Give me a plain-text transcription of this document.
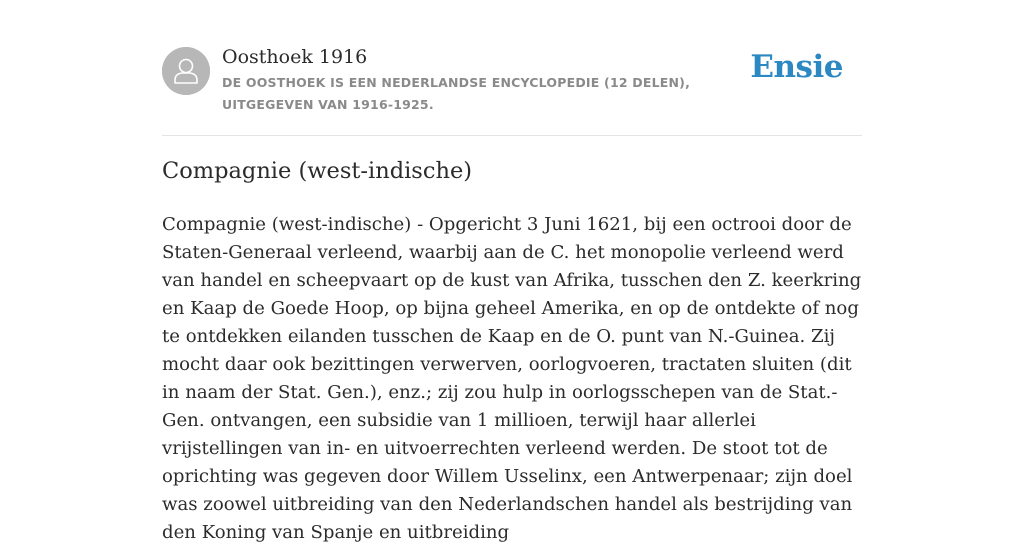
Oosthoek 1916
DE OOSTHOEK IS EEN NEDERLANDSE ENCYCLOPEDIE (12 DELEN), UITGEGEVEN VAN 1916-1925.
Ensie
Compagnie (west-indische)

Compagnie (west-indische) - Opgericht 3 Juni 1621, bij een octrooi door de Staten-Generaal verleend, waarbij aan de C. het monopolie verleend werd van handel en scheepvaart op de kust van Afrika, tusschen den Z. keerkring en Kaap de Goede Hoop, op bijna geheel Amerika, en op de ontdekte of nog te ontdekken eilanden tusschen de Kaap en de O. punt van N.-Guinea. Zij mocht daar ook bezittingen verwerven, oorlogvoeren, tractaten sluiten (dit in naam der Stat. Gen.), enz.; zij zou hulp in oorlogsschepen van de Stat.-Gen. ontvangen, een subsidie van 1 millioen, terwijl haar allerlei vrijstellingen van in- en uitvoerrechten verleend werden. De stoot tot de oprichting was gegeven door Willem Usselinx, een Antwerpenaar; zijn doel was zoowel uitbreiding van den Nederlandschen handel als bestrijding van den Koning van Spanje en uitbreiding
